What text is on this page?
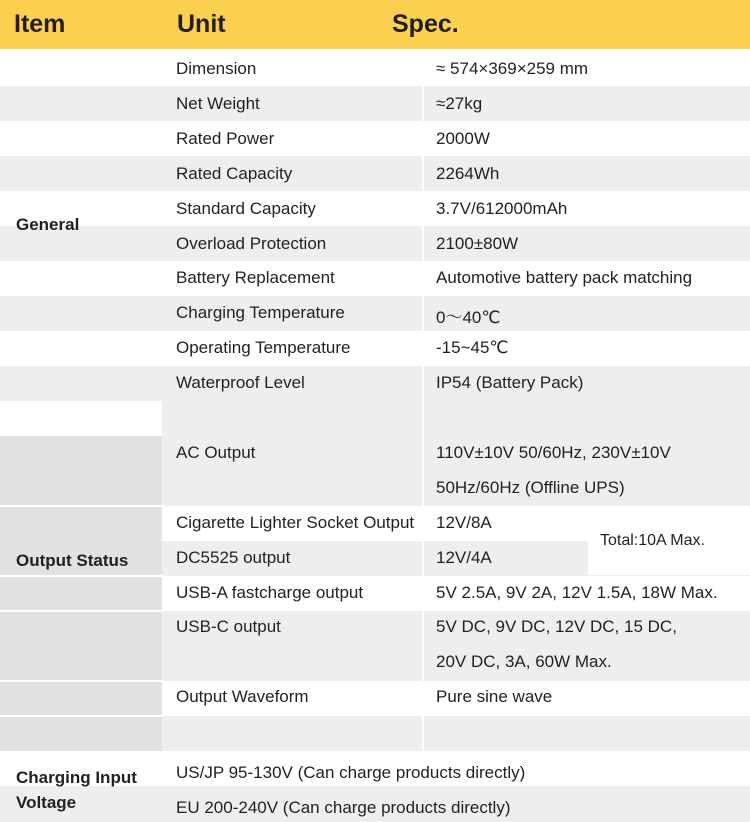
Item	Unit	Spec.
General
Dimension	≈ 574×369×259 mm
Net Weight	≈27kg
Rated Power	2000W
Rated Capacity	2264Wh
Standard Capacity	3.7V/612000mAh
Overload Protection	2100±80W
Battery Replacement	Automotive battery pack matching
Charging Temperature	0～40℃
Operating Temperature	-15~45℃
Waterproof Level	IP54 (Battery Pack)
Output Status
AC Output	110V±10V 50/60Hz, 230V±10V
50Hz/60Hz (Offline UPS)
Cigarette Lighter Socket Output 12V/8A
DC5525 output	12V/4A
Total:10A Max.
USB-A fastcharge output	5V 2.5A, 9V 2A, 12V 1.5A, 18W Max.
USB-C output	5V DC, 9V DC, 12V DC, 15 DC,
20V DC, 3A, 60W Max.
Output Waveform	Pure sine wave
Charging Input
Voltage
US/JP 95-130V (Can charge products directly)
EU 200-240V (Can charge products directly)
